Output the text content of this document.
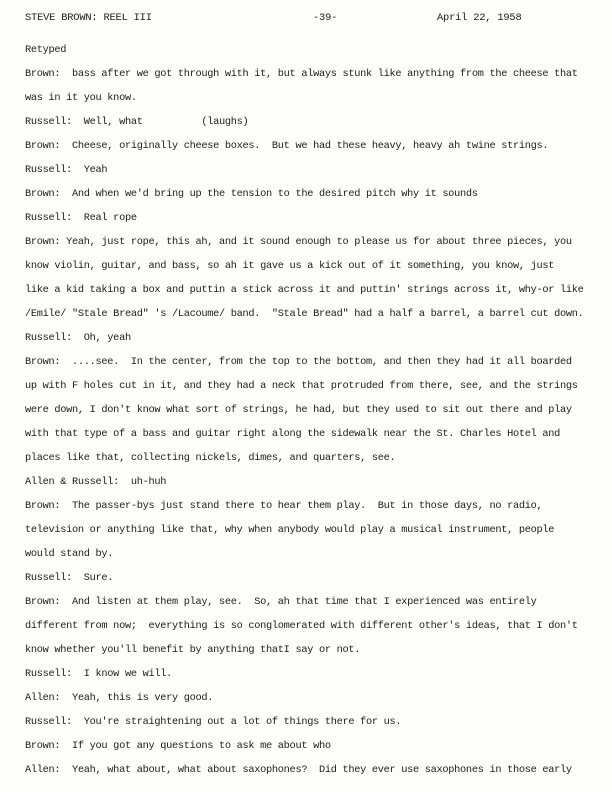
STEVE BROWN: REEL III	-39-	April 22, 1958
Retyped
Brown:  bass after we got through with it, but always stunk like anything from the cheese that
was in it you know.
Russell:  Well, what          (laughs)
Brown:  Cheese, originally cheese boxes.  But we had these heavy, heavy ah twine strings.
Russell:  Yeah
Brown:  And when we'd bring up the tension to the desired pitch why it sounds
Russell:  Real rope
Brown: Yeah, just rope, this ah, and it sound enough to please us for about three pieces, you
know violin, guitar, and bass, so ah it gave us a kick out of it something, you know, just
like a kid taking a box and puttin a stick across it and puttin' strings across it, why-or like
/Emile/ "Stale Bread" 's /Lacoume/ band.  "Stale Bread" had a half a barrel, a barrel cut down.
Russell:  Oh, yeah
Brown:  ....see.  In the center, from the top to the bottom, and then they had it all boarded
up with F holes cut in it, and they had a neck that protruded from there, see, and the strings
were down, I don't know what sort of strings, he had, but they used to sit out there and play
with that type of a bass and guitar right along the sidewalk near the St. Charles Hotel and
places like that, collecting nickels, dimes, and quarters, see.
Allen & Russell:  uh-huh
Brown:  The passer-bys just stand there to hear them play.  But in those days, no radio,
television or anything like that, why when anybody would play a musical instrument, people
would stand by.
Russell:  Sure.
Brown:  And listen at them play, see.  So, ah that time that I experienced was entirely
different from now;  everything is so conglomerated with different other's ideas, that I don't
know whether you'll benefit by anything thatI say or not.
Russell:  I know we will.
Allen:  Yeah, this is very good.
Russell:  You're straightening out a lot of things there for us.
Brown:  If you got any questions to ask me about who
Allen:  Yeah, what about, what about saxophones?  Did they ever use saxophones in those early
